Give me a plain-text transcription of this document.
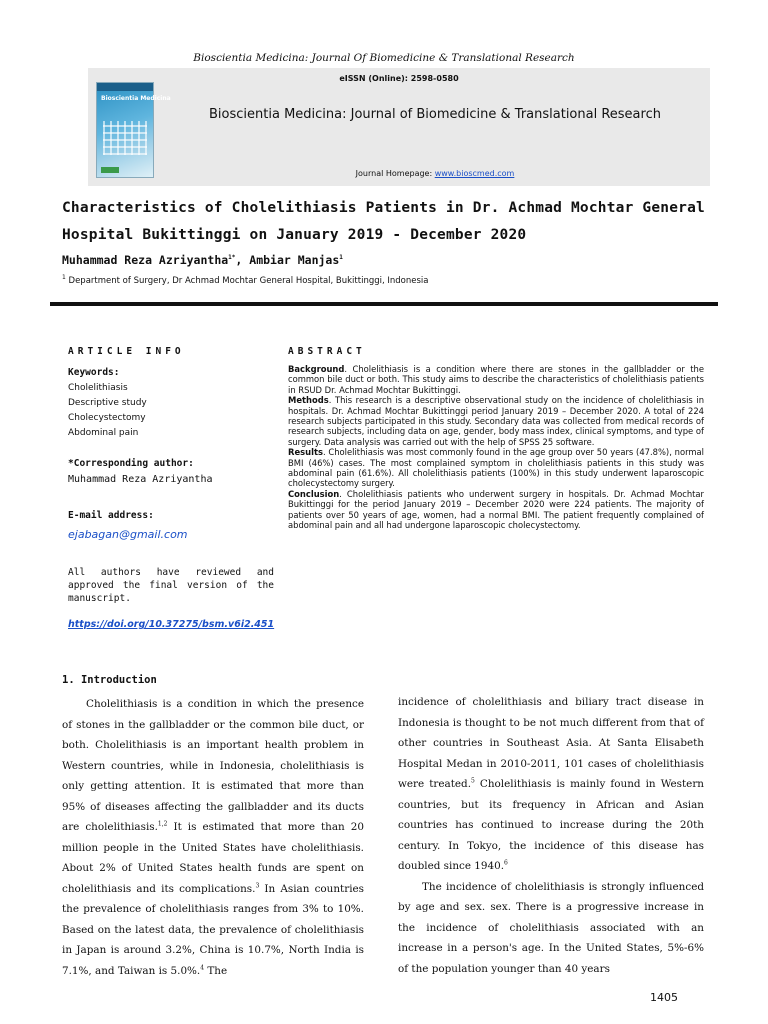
Bioscientia Medicina: Journal Of Biomedicine & Translational Research
Bioscientia Medicina
eISSN (Online): 2598-0580
Bioscientia Medicina: Journal of Biomedicine & Translational Research
Journal Homepage: www.bioscmed.com
Characteristics of Cholelithiasis Patients in Dr. Achmad Mochtar General Hospital Bukittinggi on January 2019 - December 2020
Muhammad Reza Azriyantha$^{1*}$, Ambiar Manjas$^1$
$^1$ Department of Surgery, Dr Achmad Mochtar General Hospital, Bukittinggi, Indonesia
ARTICLE INFO
Keywords:
Cholelithiasis
Descriptive study
Cholecystectomy
Abdominal pain
*Corresponding author:
Muhammad Reza Azriyantha
E-mail address:
ejabagan@gmail.com
All authors have reviewed and approved the final version of the manuscript.
https://doi.org/10.37275/bsm.v6i2.451
ABSTRACT

Background. Cholelithiasis is a condition where there are stones in the gallbladder or the common bile duct or both. This study aims to describe the characteristics of cholelithiasis patients in RSUD Dr. Achmad Mochtar Bukittinggi.

Methods. This research is a descriptive observational study on the incidence of cholelithiasis in hospitals. Dr. Achmad Mochtar Bukittinggi period January 2019 – December 2020. A total of 224 research subjects participated in this study. Secondary data was collected from medical records of research subjects, including data on age, gender, body mass index, clinical symptoms, and type of surgery. Data analysis was carried out with the help of SPSS 25 software.

Results. Cholelithiasis was most commonly found in the age group over 50 years (47.8%), normal BMI (46%) cases. The most complained symptom in cholelithiasis patients in this study was abdominal pain (61.6%). All cholelithiasis patients (100%) in this study underwent laparoscopic cholecystectomy surgery.

Conclusion. Cholelithiasis patients who underwent surgery in hospitals. Dr. Achmad Mochtar Bukittinggi for the period January 2019 – December 2020 were 224 patients. The majority of patients over 50 years of age, women, had a normal BMI. The patient frequently complained of abdominal pain and all had undergone laparoscopic cholecystectomy.

1. Introduction

Cholelithiasis is a condition in which the presence of stones in the gallbladder or the common bile duct, or both. Cholelithiasis is an important health problem in Western countries, while in Indonesia, cholelithiasis is only getting attention. It is estimated that more than 95% of diseases affecting the gallbladder and its ducts are cholelithiasis.$^{1,2}$ It is estimated that more than 20 million people in the United States have cholelithiasis. About 2% of United States health funds are spent on cholelithiasis and its complications.$^3$ In Asian countries the prevalence of cholelithiasis ranges from 3% to 10%. Based on the latest data, the prevalence of cholelithiasis in Japan is around 3.2%, China is 10.7%, North India is 7.1%, and Taiwan is 5.0%.$^4$ The

incidence of cholelithiasis and biliary tract disease in Indonesia is thought to be not much different from that of other countries in Southeast Asia. At Santa Elisabeth Hospital Medan in 2010-2011, 101 cases of cholelithiasis were treated.$^5$ Cholelithiasis is mainly found in Western countries, but its frequency in African and Asian countries has continued to increase during the 20th century. In Tokyo, the incidence of this disease has doubled since 1940.$^6$

The incidence of cholelithiasis is strongly influenced by age and sex. sex. There is a progressive increase in the incidence of cholelithiasis associated with an increase in a person's age. In the United States, 5%-6% of the population younger than 40 years

1405
